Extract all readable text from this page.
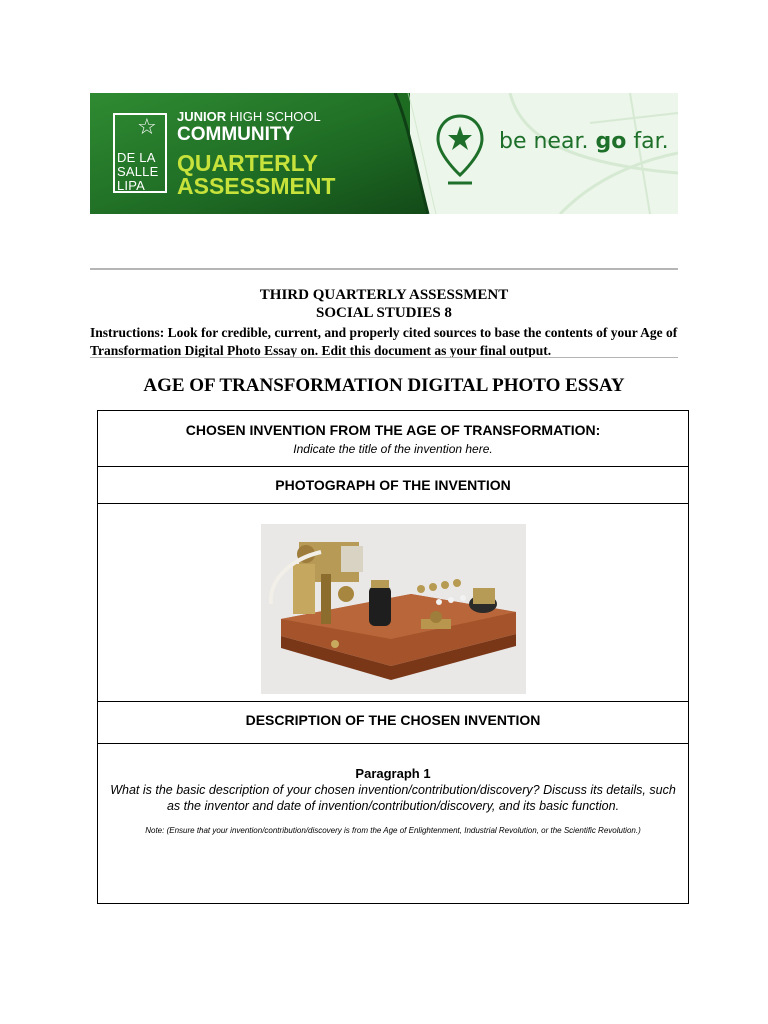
☆
DE LA
SALLE
LIPA
JUNIOR HIGH SCHOOL
COMMUNITY
QUARTERLY
ASSESSMENT
be near. go far.
THIRD QUARTERLY ASSESSMENT
SOCIAL STUDIES 8
Instructions: Look for credible, current, and properly cited sources to base the contents of your Age of Transformation Digital Photo Essay on. Edit this document as your final output.
AGE OF TRANSFORMATION DIGITAL PHOTO ESSAY
CHOSEN INVENTION FROM THE AGE OF TRANSFORMATION:
Indicate the title of the invention here.
PHOTOGRAPH OF THE INVENTION
DESCRIPTION OF THE CHOSEN INVENTION
Paragraph 1
What is the basic description of your chosen invention/contribution/discovery? Discuss its details, such as the inventor and date of invention/contribution/discovery, and its basic function.
Note: (Ensure that your invention/contribution/discovery is from the Age of Enlightenment, Industrial Revolution, or the Scientific Revolution.)
